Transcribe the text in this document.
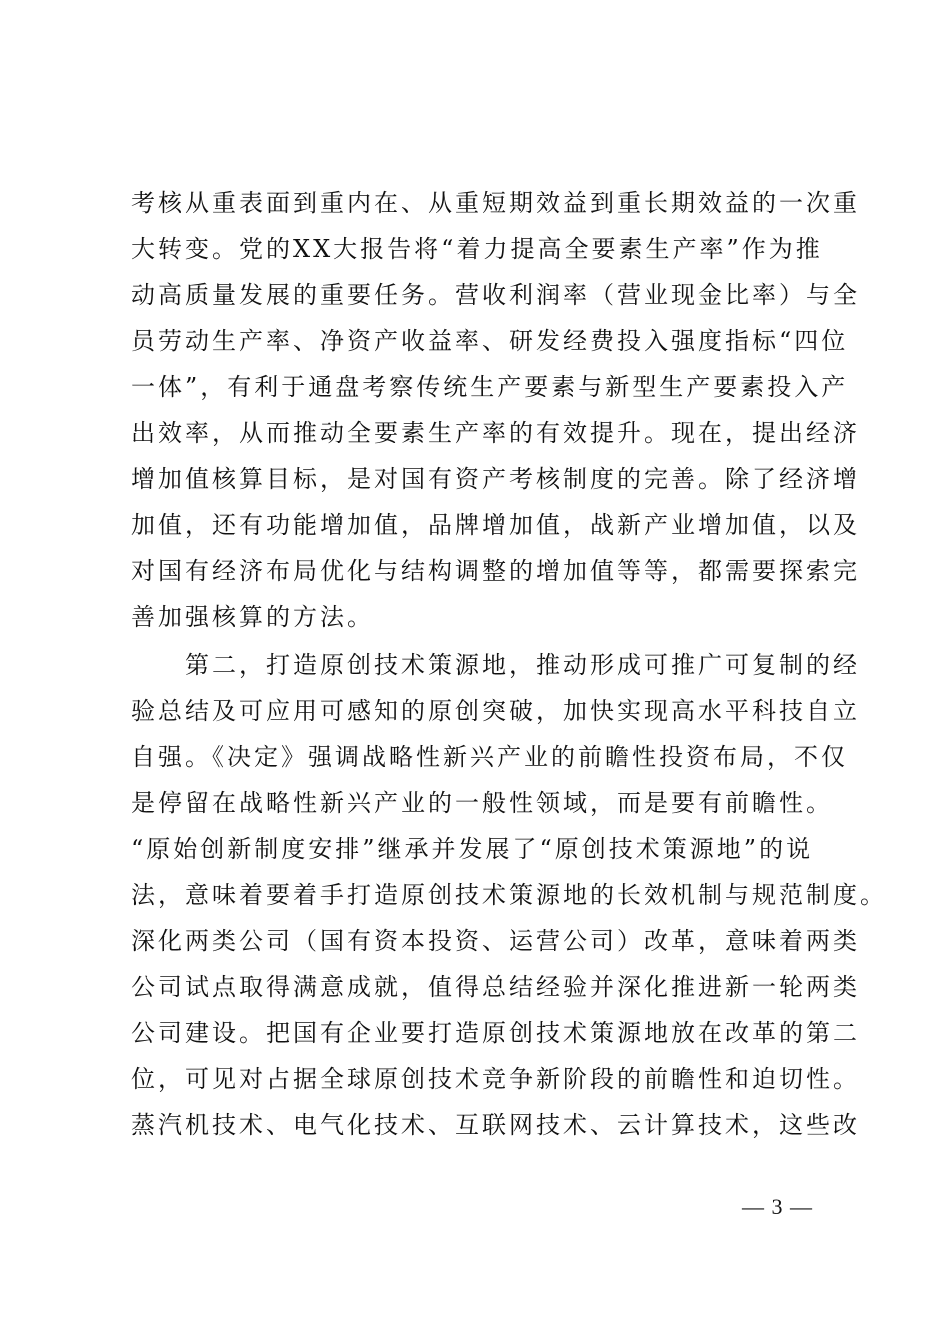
考核从重表面到重内在、从重短期效益到重长期效益的一次重
大转变。党的XX大报告将“着力提高全要素生产率”作为推
动高质量发展的重要任务。营收利润率（营业现金比率）与全
员劳动生产率、净资产收益率、研发经费投入强度指标“四位
一体”，有利于通盘考察传统生产要素与新型生产要素投入产
出效率，从而推动全要素生产率的有效提升。现在，提出经济
增加值核算目标，是对国有资产考核制度的完善。除了经济增
加值，还有功能增加值，品牌增加值，战新产业增加值，以及
对国有经济布局优化与结构调整的增加值等等，都需要探索完
善加强核算的方法。
　　第二，打造原创技术策源地，推动形成可推广可复制的经
验总结及可应用可感知的原创突破，加快实现高水平科技自立
自强。《决定》强调战略性新兴产业的前瞻性投资布局，不仅
是停留在战略性新兴产业的一般性领域，而是要有前瞻性。
“原始创新制度安排”继承并发展了“原创技术策源地”的说
法，意味着要着手打造原创技术策源地的长效机制与规范制度。
深化两类公司（国有资本投资、运营公司）改革，意味着两类
公司试点取得满意成就，值得总结经验并深化推进新一轮两类
公司建设。把国有企业要打造原创技术策源地放在改革的第二
位，可见对占据全球原创技术竞争新阶段的前瞻性和迫切性。
蒸汽机技术、电气化技术、互联网技术、云计算技术，这些改
— 3 —
